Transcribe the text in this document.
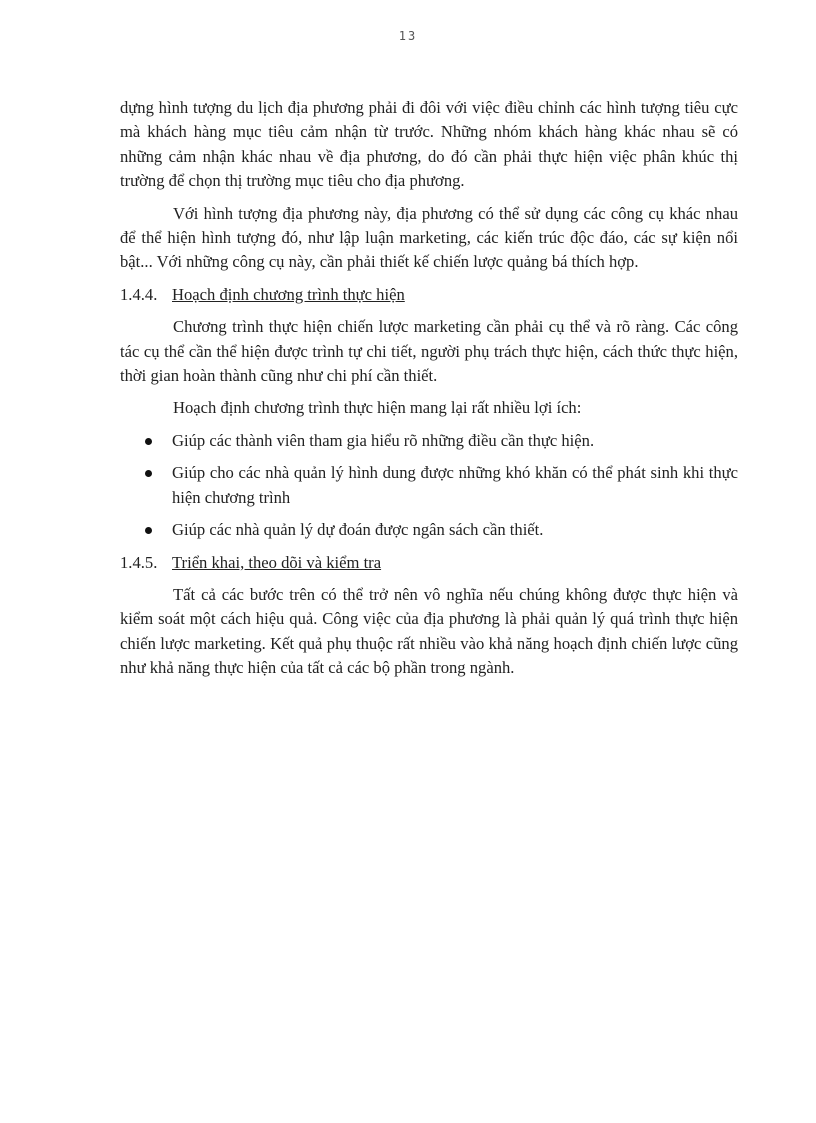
13

dựng hình tượng du lịch địa phương phải đi đôi với việc điều chỉnh các hình tượng tiêu cực mà khách hàng mục tiêu cảm nhận từ trước. Những nhóm khách hàng khác nhau sẽ có những cảm nhận khác nhau về địa phương, do đó cần phải thực hiện việc phân khúc thị trường để chọn thị trường mục tiêu cho địa phương.

Với hình tượng địa phương này, địa phương có thể sử dụng các công cụ khác nhau để thể hiện hình tượng đó, như lập luận marketing, các kiến trúc độc đáo, các sự kiện nổi bật... Với những công cụ này, cần phải thiết kế chiến lược quảng bá thích hợp.

1.4.4. Hoạch định chương trình thực hiện

Chương trình thực hiện chiến lược marketing cần phải cụ thể và rõ ràng. Các công tác cụ thể cần thể hiện được trình tự chi tiết, người phụ trách thực hiện, cách thức thực hiện, thời gian hoàn thành cũng như chi phí cần thiết.

Hoạch định chương trình thực hiện mang lại rất nhiều lợi ích:

Giúp các thành viên tham gia hiểu rõ những điều cần thực hiện.
Giúp cho các nhà quản lý hình dung được những khó khăn có thể phát sinh khi thực hiện chương trình
Giúp các nhà quản lý dự đoán được ngân sách cần thiết.
1.4.5. Triển khai, theo dõi và kiểm tra

Tất cả các bước trên có thể trở nên vô nghĩa nếu chúng không được thực hiện và kiểm soát một cách hiệu quả. Công việc của địa phương là phải quản lý quá trình thực hiện chiến lược marketing. Kết quả phụ thuộc rất nhiều vào khả năng hoạch định chiến lược cũng như khả năng thực hiện của tất cả các bộ phần trong ngành.
